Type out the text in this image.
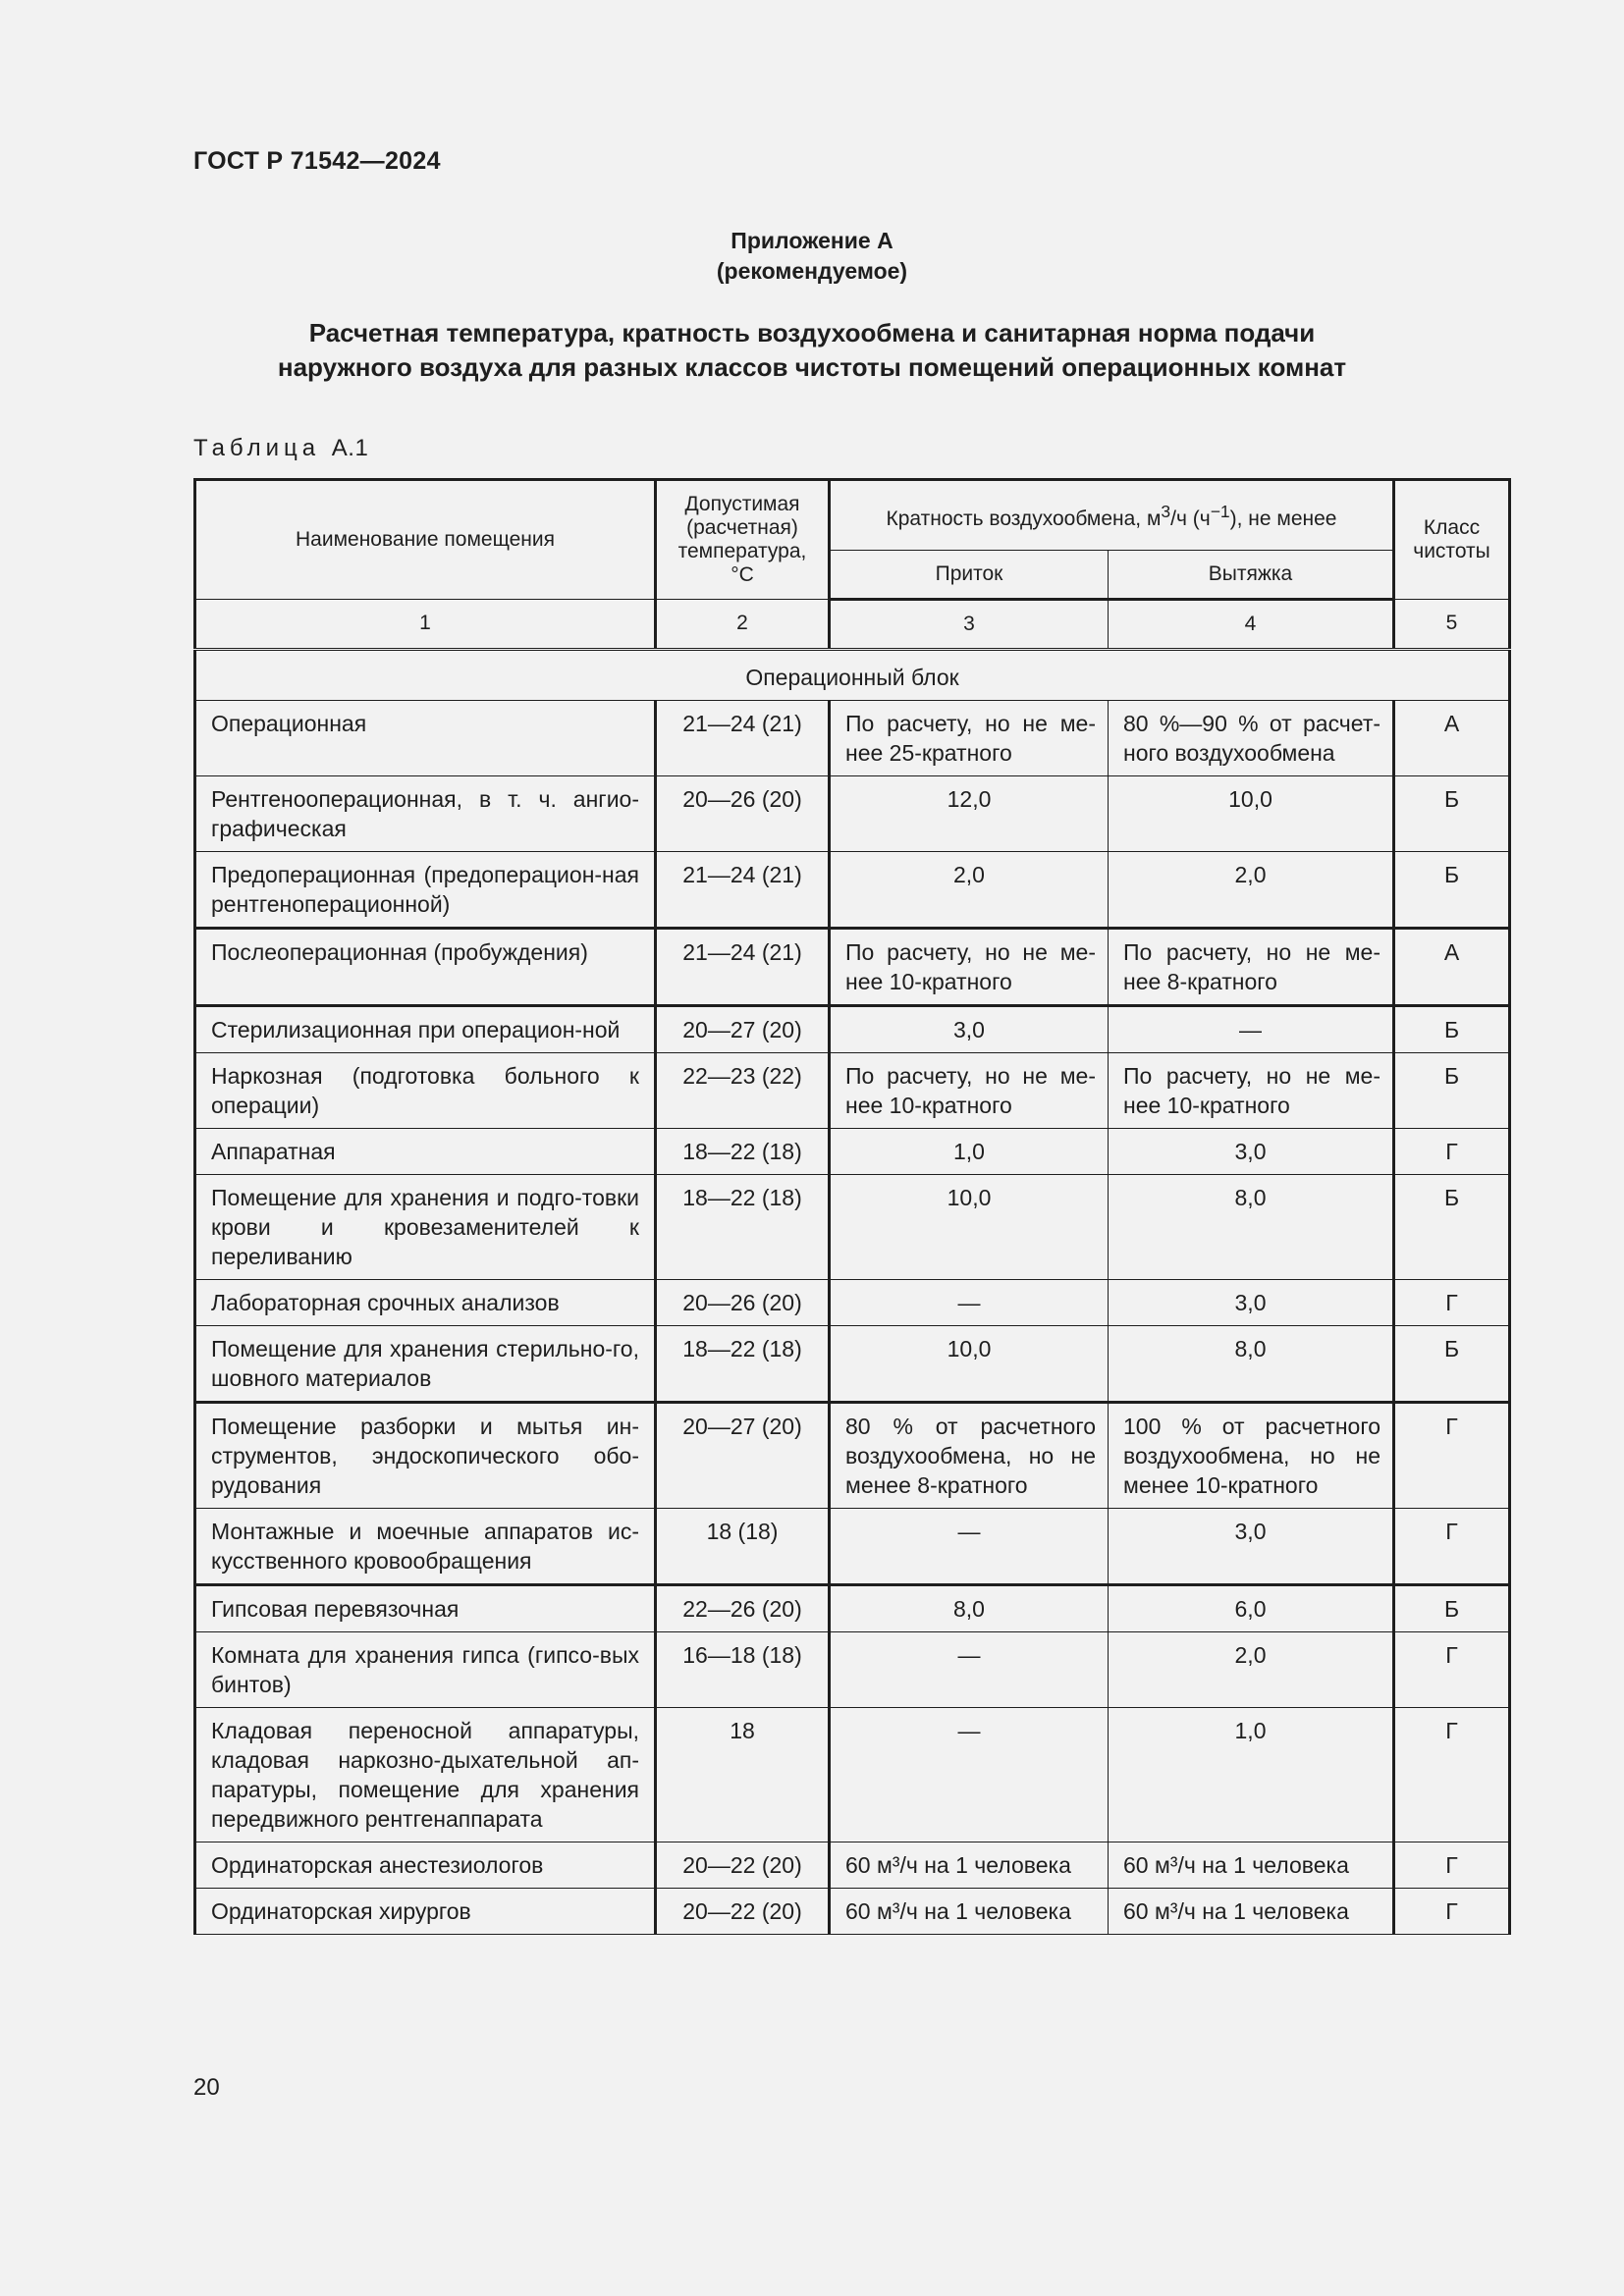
ГОСТ Р 71542—2024
Приложение А
(рекомендуемое)
Расчетная температура, кратность воздухообмена и санитарная норма подачи
наружного воздуха для разных классов чистоты помещений операционных комнат
Таблица А.1
Наименование помещения	Допустимая (расчетная) температура, °С	Кратность воздухообмена, $м^3/ч$ $(ч^{-1})$, не менее		Класс чистоты
		Приток	Вытяжка	
1	2	3	4	5
Операционный блок				
Операционная	21—24 (21)	По расчету, но не ме-нее 25-кратного	80 %—90 % от расчет-ного воздухообмена	А
Рентгенооперационная, в т. ч. ангио-графическая	20—26 (20)	12,0	10,0	Б
Предоперационная (предоперацион-ная рентгеноперационной)	21—24 (21)	2,0	2,0	Б
Послеоперационная (пробуждения)	21—24 (21)	По расчету, но не ме-нее 10-кратного	По расчету, но не ме-нее 8-кратного	А
Стерилизационная при операцион-ной	20—27 (20)	3,0	—	Б
Наркозная (подготовка больного к операции)	22—23 (22)	По расчету, но не ме-нее 10-кратного	По расчету, но не ме-нее 10-кратного	Б
Аппаратная	18—22 (18)	1,0	3,0	Г
Помещение для хранения и подго-товки крови и кровезаменителей к переливанию	18—22 (18)	10,0	8,0	Б
Лабораторная срочных анализов	20—26 (20)	—	3,0	Г
Помещение для хранения стерильно-го, шовного материалов	18—22 (18)	10,0	8,0	Б
Помещение разборки и мытья ин-струментов, эндоскопического обо-рудования	20—27 (20)	80 % от расчетного воздухообмена, но не менее 8-кратного	100 % от расчетного воздухообмена, но не менее 10-кратного	Г
Монтажные и моечные аппаратов ис-кусственного кровообращения	18 (18)	—	3,0	Г
Гипсовая перевязочная	22—26 (20)	8,0	6,0	Б
Комната для хранения гипса (гипсо-вых бинтов)	16—18 (18)	—	2,0	Г
Кладовая переносной аппаратуры, кладовая наркозно-дыхательной ап-паратуры, помещение для хранения передвижного рентгенаппарата	18	—	1,0	Г
Ординаторская анестезиологов	20—22 (20)	60 м³/ч на 1 человека	60 м³/ч на 1 человека	Г
Ординаторская хирургов	20—22 (20)	60 м³/ч на 1 человека	60 м³/ч на 1 человека	Г
20
